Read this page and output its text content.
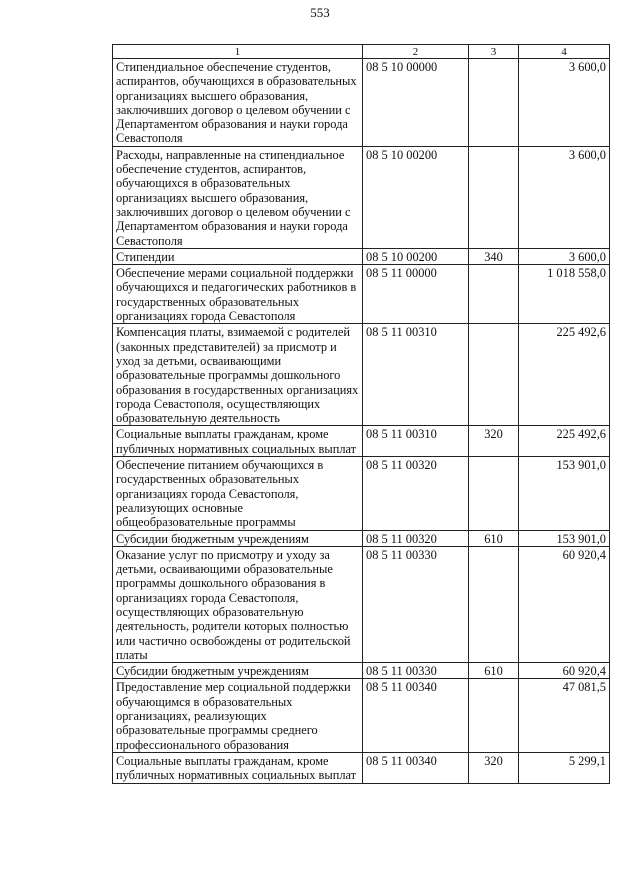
553
1	2	3	4
Стипендиальное обеспечение студентов, аспирантов, обучающихся в образовательных организациях высшего образования, заключивших договор о целевом обучении с Департаментом образования и науки города Севастополя	08 5 10 00000		3 600,0
Расходы, направленные на стипендиальное обеспечение студентов, аспирантов, обучающихся в образовательных организациях высшего образования, заключивших договор о целевом обучении с Департаментом образования и науки города Севастополя	08 5 10 00200		3 600,0
Стипендии	08 5 10 00200	340	3 600,0
Обеспечение мерами социальной поддержки обучающихся и педагогических работников в государственных образовательных организациях города Севастополя	08 5 11 00000		1 018 558,0
Компенсация платы, взимаемой с родителей (законных представителей) за присмотр и уход за детьми, осваивающими образовательные программы дошкольного образования в государственных организациях города Севастополя, осуществляющих образовательную деятельность	08 5 11 00310		225 492,6
Социальные выплаты гражданам, кроме публичных нормативных социальных выплат	08 5 11 00310	320	225 492,6
Обеспечение питанием обучающихся в государственных образовательных организациях города Севастополя, реализующих основные общеобразовательные программы	08 5 11 00320		153 901,0
Субсидии бюджетным учреждениям	08 5 11 00320	610	153 901,0
Оказание услуг по присмотру и уходу за детьми, осваивающими образовательные программы дошкольного образования в организациях города Севастополя, осуществляющих образовательную деятельность, родители которых полностью или частично освобождены от родительской платы	08 5 11 00330		60 920,4
Субсидии бюджетным учреждениям	08 5 11 00330	610	60 920,4
Предоставление мер социальной поддержки обучающимся в образовательных организациях, реализующих образовательные программы среднего профессионального образования	08 5 11 00340		47 081,5
Социальные выплаты гражданам, кроме публичных нормативных социальных выплат	08 5 11 00340	320	5 299,1
